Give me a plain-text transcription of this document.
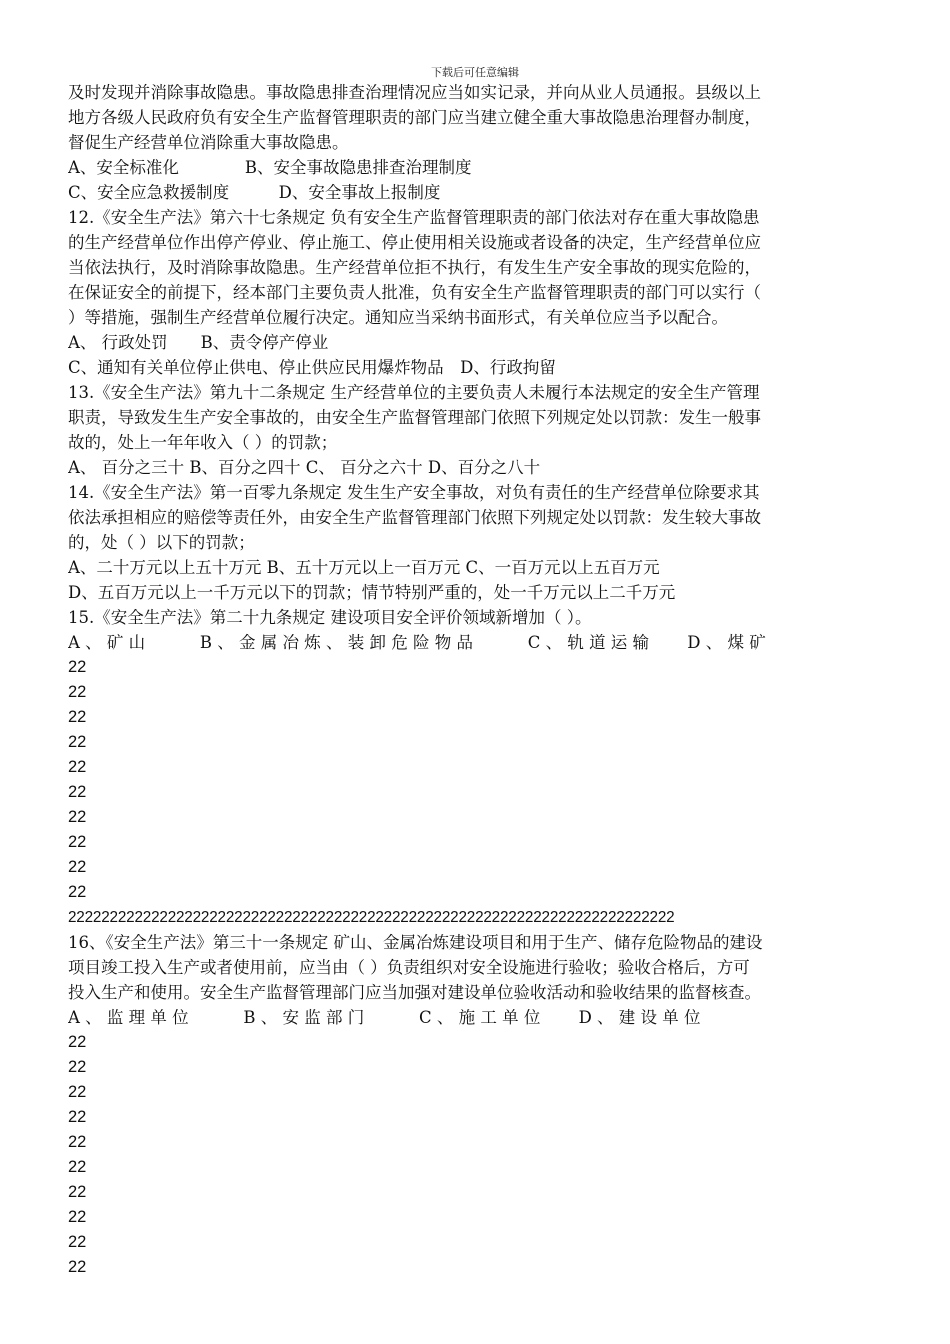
下载后可任意编辑
及时发现并消除事故隐患。事故隐患排查治理情况应当如实记录，并向从业人员通报。县级以上
地方各级人民政府负有安全生产监督管理职责的部门应当建立健全重大事故隐患治理督办制度，
督促生产经营单位消除重大事故隐患。
A、安全标准化　　　　B、安全事故隐患排查治理制度
C、安全应急救援制度　　　D、安全事故上报制度
12.《安全生产法》第六十七条规定 负有安全生产监督管理职责的部门依法对存在重大事故隐患
的生产经营单位作出停产停业、停止施工、停止使用相关设施或者设备的决定，生产经营单位应
当依法执行，及时消除事故隐患。生产经营单位拒不执行，有发生生产安全事故的现实危险的，
在保证安全的前提下，经本部门主要负责人批准，负有安全生产监督管理职责的部门可以实行（
）等措施，强制生产经营单位履行决定。通知应当采纳书面形式，有关单位应当予以配合。
A、 行政处罚　　B、责令停产停业
C、通知有关单位停止供电、停止供应民用爆炸物品　D、行政拘留
13.《安全生产法》第九十二条规定 生产经营单位的主要负责人未履行本法规定的安全生产管理
职责，导致发生生产安全事故的，由安全生产监督管理部门依照下列规定处以罚款：发生一般事
故的，处上一年年收入（ ）的罚款；
A、 百分之三十 B、百分之四十 C、 百分之六十 D、百分之八十
14.《安全生产法》第一百零九条规定 发生生产安全事故，对负有责任的生产经营单位除要求其
依法承担相应的赔偿等责任外，由安全生产监督管理部门依照下列规定处以罚款：发生较大事故
的，处（ ）以下的罚款；
A、二十万元以上五十万元 B、五十万元以上一百万元 C、一百万元以上五百万元
D、五百万元以上一千万元以下的罚款；情节特别严重的，处一千万元以上二千万元
15.《安全生产法》第二十九条规定 建设项目安全评价领域新增加（ ）。
A 、 矿 山　　　 B 、 金 属 冶 炼 、 装 卸 危 险 物 品　　　 C 、 轨 道 运 输　　 D 、 煤 矿
22
22
22
22
22
22
22
22
22
22
2222222222222222222222222222222222222222222222222222222222222222222222222
16、《安全生产法》第三十一条规定 矿山、金属冶炼建设项目和用于生产、储存危险物品的建设
项目竣工投入生产或者使用前，应当由（ ）负责组织对安全设施进行验收；验收合格后，方可
投入生产和使用。安全生产监督管理部门应当加强对建设单位验收活动和验收结果的监督核查。
A 、 监 理 单 位　　　 B 、 安 监 部 门　　　 C 、 施 工 单 位　　 D 、 建 设 单 位
22
22
22
22
22
22
22
22
22
22
